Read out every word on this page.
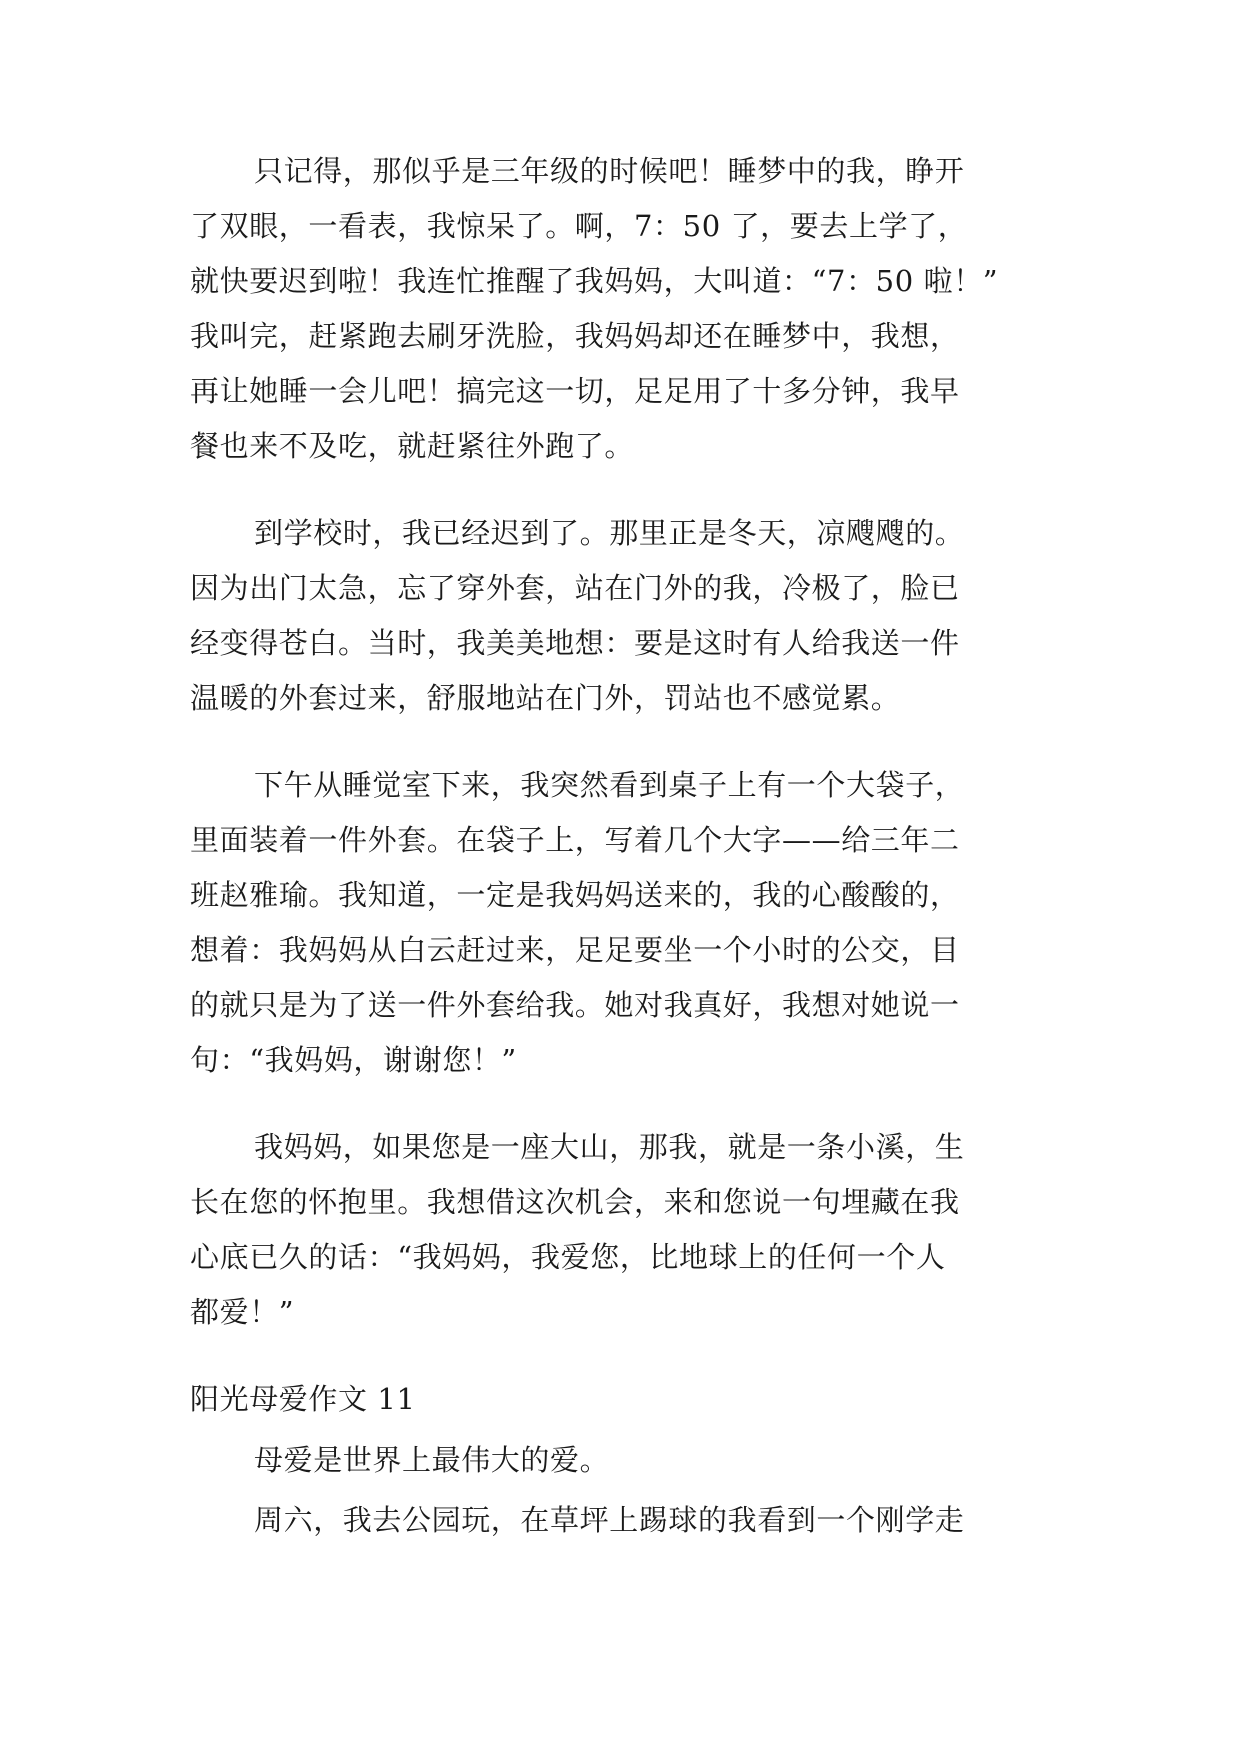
只记得，那似乎是三年级的时候吧！睡梦中的我，睁开
了双眼，一看表，我惊呆了。啊，7：50 了，要去上学了，
就快要迟到啦！我连忙推醒了我妈妈，大叫道：“7：50 啦！”
我叫完，赶紧跑去刷牙洗脸，我妈妈却还在睡梦中，我想，
再让她睡一会儿吧！搞完这一切，足足用了十多分钟，我早
餐也来不及吃，就赶紧往外跑了。
到学校时，我已经迟到了。那里正是冬天，凉飕飕的。
因为出门太急，忘了穿外套，站在门外的我，冷极了，脸已
经变得苍白。当时，我美美地想：要是这时有人给我送一件
温暖的外套过来，舒服地站在门外，罚站也不感觉累。
下午从睡觉室下来，我突然看到桌子上有一个大袋子，
里面装着一件外套。在袋子上，写着几个大字——给三年二
班赵雅瑜。我知道，一定是我妈妈送来的，我的心酸酸的，
想着：我妈妈从白云赶过来，足足要坐一个小时的公交，目
的就只是为了送一件外套给我。她对我真好，我想对她说一
句：“我妈妈，谢谢您！”
我妈妈，如果您是一座大山，那我，就是一条小溪，生
长在您的怀抱里。我想借这次机会，来和您说一句埋藏在我
心底已久的话：“我妈妈，我爱您，比地球上的任何一个人
都爱！”
阳光母爱作文 11
母爱是世界上最伟大的爱。
周六，我去公园玩，在草坪上踢球的我看到一个刚学走
